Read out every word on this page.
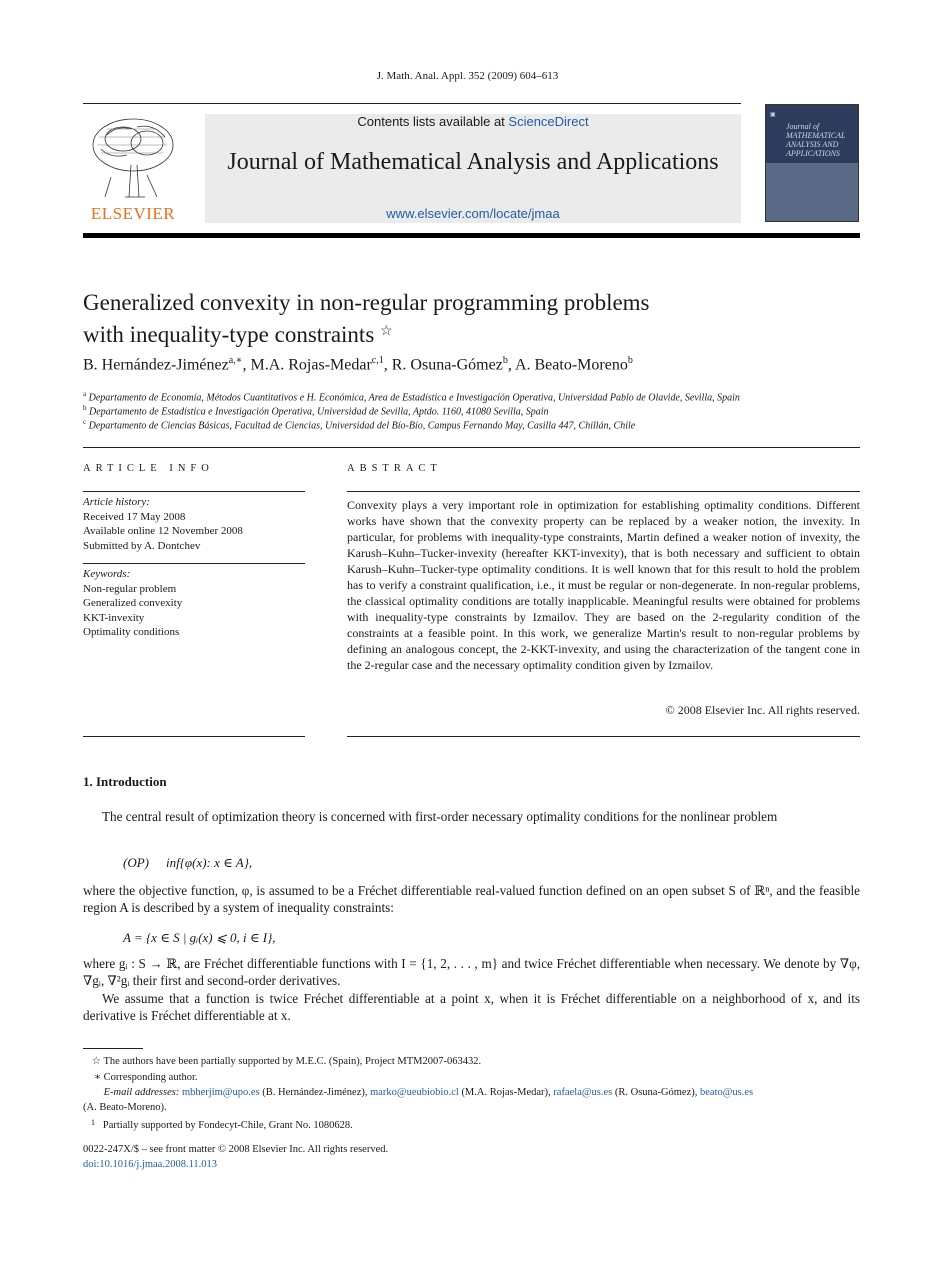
J. Math. Anal. Appl. 352 (2009) 604–613
ELSEVIER
Contents lists available at ScienceDirect
Journal of Mathematical Analysis and Applications
www.elsevier.com/locate/jmaa
▣
Journal of MATHEMATICAL ANALYSIS AND APPLICATIONS
Generalized convexity in non-regular programming problems
with inequality-type constraints ☆
B. Hernández-Jiménez$^{a,∗}$, M.A. Rojas-Medar$^{c,1}$, R. Osuna-Gómez$^b$, A. Beato-Moreno$^b$
$^a$ Departamento de Economía, Métodos Cuantitativos e H. Económica, Area de Estadística e Investigación Operativa, Universidad Pablo de Olavide, Sevilla, Spain
$^b$ Departamento de Estadística e Investigación Operativa, Universidad de Sevilla, Aptdo. 1160, 41080 Sevilla, Spain
$^c$ Departamento de Ciencias Básicas, Facultad de Ciencias, Universidad del Bío-Bío, Campus Fernando May, Casilla 447, Chillán, Chile
ARTICLE INFO
Article history:
Received 17 May 2008
Available online 12 November 2008
Submitted by A. Dontchev
Keywords:
Non-regular problem
Generalized convexity
KKT-invexity
Optimality conditions
ABSTRACT
Convexity plays a very important role in optimization for establishing optimality conditions. Different works have shown that the convexity property can be replaced by a weaker notion, the invexity. In particular, for problems with inequality-type constraints, Martin defined a weaker notion of invexity, the Karush–Kuhn–Tucker-invexity (hereafter KKT-invexity), that is both necessary and sufficient to obtain Karush–Kuhn–Tucker-type optimality conditions. It is well known that for this result to hold the problem has to verify a constraint qualification, i.e., it must be regular or non-degenerate. In non-regular problems, the classical optimality conditions are totally inapplicable. Meaningful results were obtained for problems with inequality-type constraints by Izmailov. They are based on the 2-regularity condition of the constraints at a feasible point. In this work, we generalize Martin's result to non-regular problems by defining an analogous concept, the 2-KKT-invexity, and using the characterization of the tangent cone in the 2-regular case and the necessary optimality condition given by Izmailov.
© 2008 Elsevier Inc. All rights reserved.
1. Introduction
The central result of optimization theory is concerned with first-order necessary optimality conditions for the nonlinear problem
(OP) inf{φ(x): x ∈ A},
where the objective function, φ, is assumed to be a Fréchet differentiable real-valued function defined on an open subset S of ℝⁿ, and the feasible region A is described by a system of inequality constraints:
A = {x ∈ S | gᵢ(x) ⩽ 0, i ∈ I},
where gᵢ : S → ℝ, are Fréchet differentiable functions with I = {1, 2, . . . , m} and twice Fréchet differentiable when necessary. We denote by ∇φ, ∇gᵢ, ∇²gᵢ their first and second-order derivatives.
We assume that a function is twice Fréchet differentiable at a point x, when it is Fréchet differentiable on a neighborhood of x, and its derivative is Fréchet differentiable at x.
☆ The authors have been partially supported by M.E.C. (Spain), Project MTM2007-063432.
∗ Corresponding author.
E-mail addresses: mbherjim@upo.es (B. Hernández-Jiménez), marko@ueubiobio.cl (M.A. Rojas-Medar), rafaela@us.es (R. Osuna-Gómez), beato@us.es
(A. Beato-Moreno).
1 Partially supported by Fondecyt-Chile, Grant No. 1080628.
0022-247X/$ – see front matter © 2008 Elsevier Inc. All rights reserved.
doi:10.1016/j.jmaa.2008.11.013
